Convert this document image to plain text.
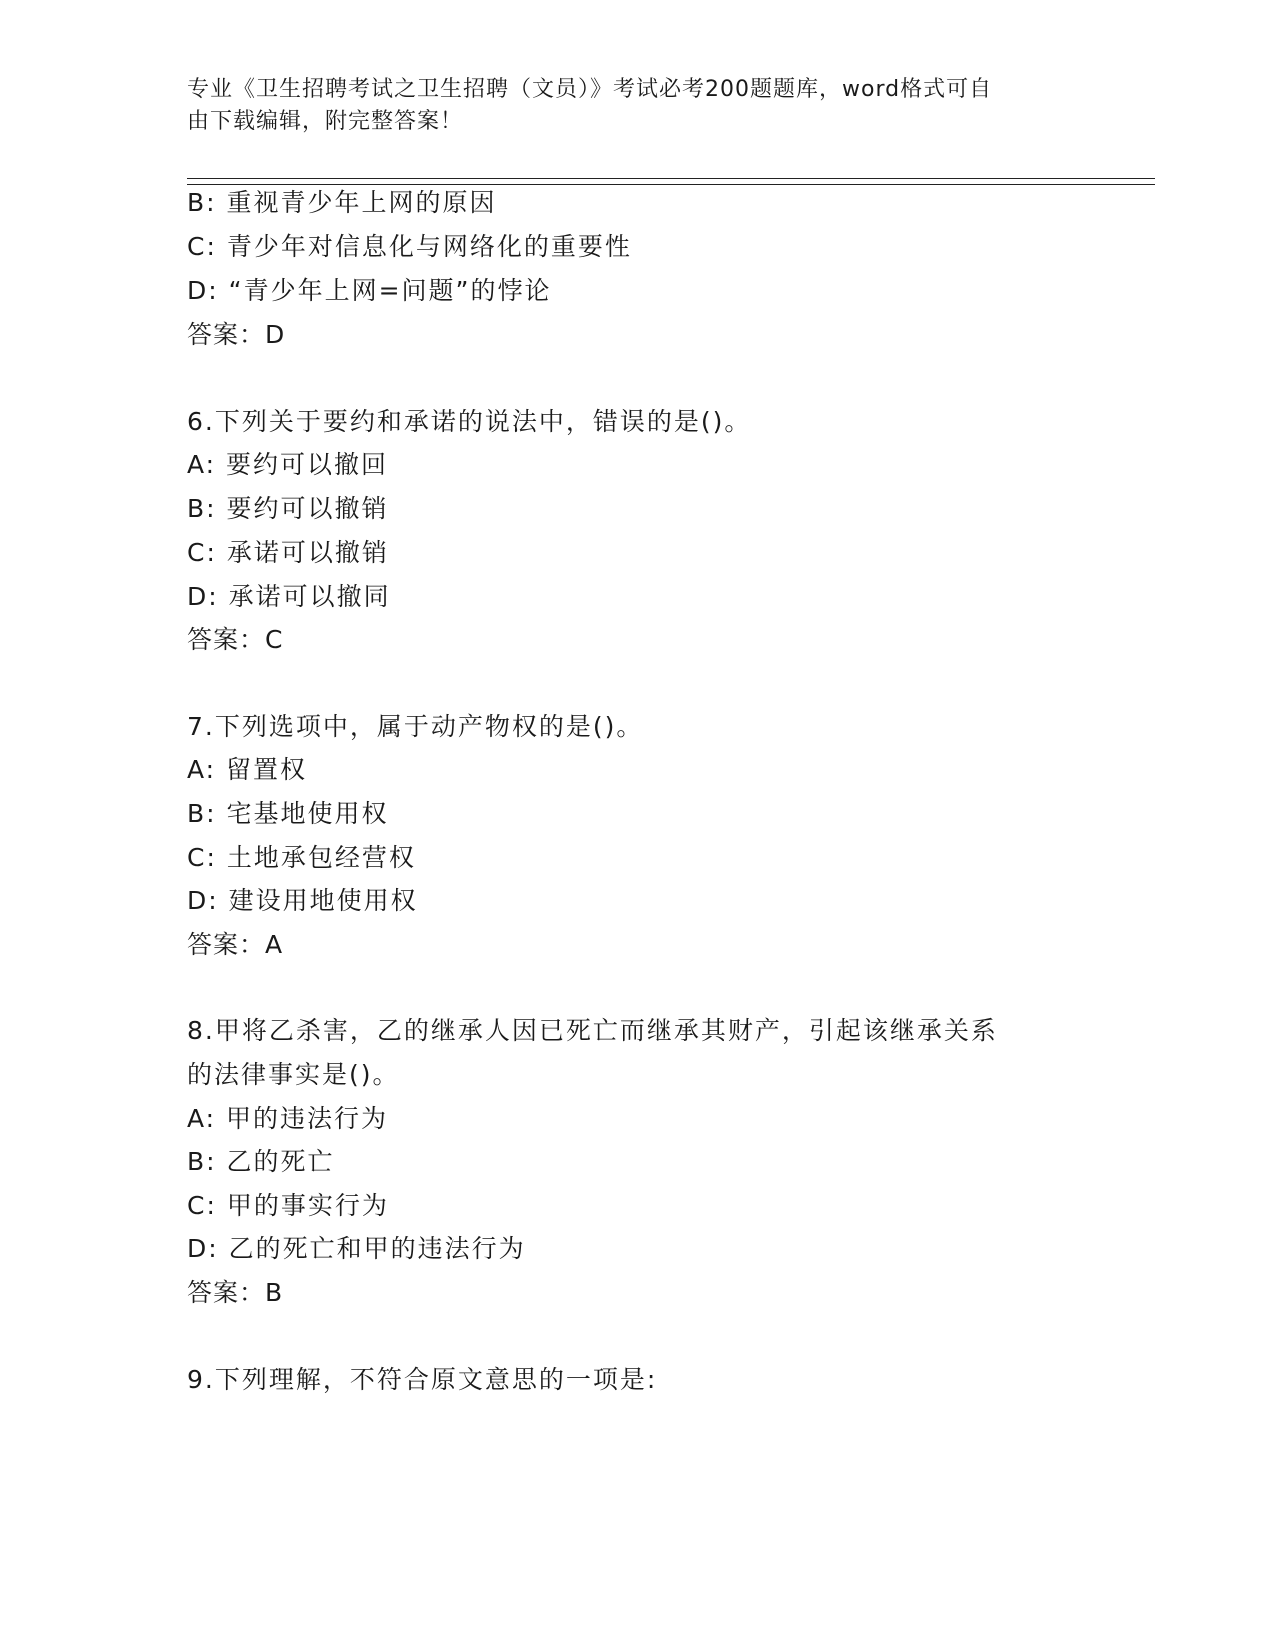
专业《卫生招聘考试之卫生招聘（文员）》考试必考200题题库，word格式可自
由下载编辑，附完整答案！
B: 重视青少年上网的原因
C: 青少年对信息化与网络化的重要性
D: “青少年上网=问题”的悖论
答案：D
6.下列关于要约和承诺的说法中，错误的是()。
A: 要约可以撤回
B: 要约可以撤销
C: 承诺可以撤销
D: 承诺可以撤同
答案：C
7.下列选项中，属于动产物权的是()。
A: 留置权
B: 宅基地使用权
C: 土地承包经营权
D: 建设用地使用权
答案：A
8.甲将乙杀害，乙的继承人因已死亡而继承其财产，引起该继承关系
的法律事实是()。
A: 甲的违法行为
B: 乙的死亡
C: 甲的事实行为
D: 乙的死亡和甲的违法行为
答案：B
9.下列理解，不符合原文意思的一项是:
